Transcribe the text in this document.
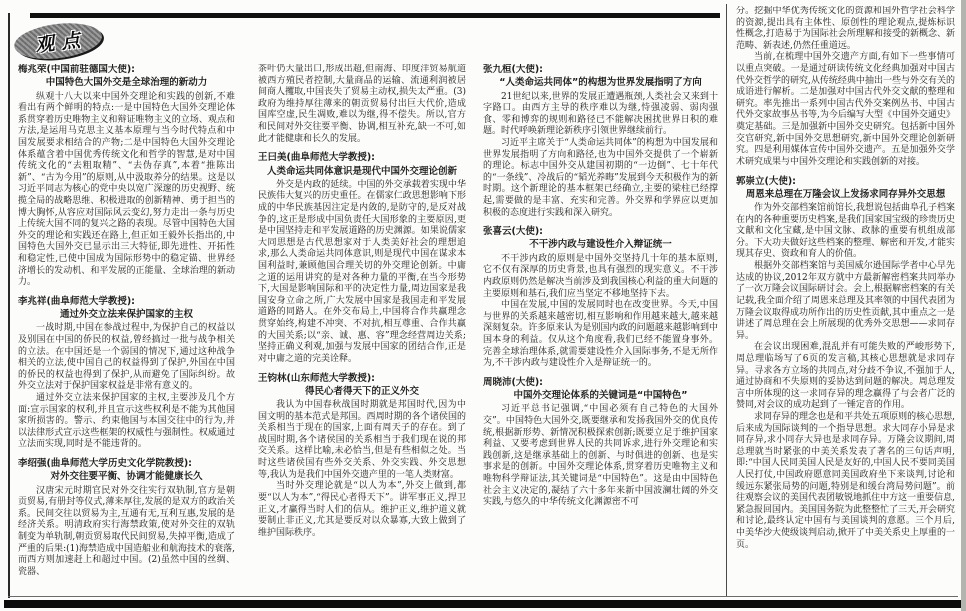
观点
梅兆荣(中国前驻德国大使):
中国特色大国外交是全球治理的新动力

纵观十八大以来中国外交理论和实践的创新,不难看出有两个鲜明的特点:一是中国特色大国外交理论体系贯穿着历史唯物主义和辩证唯物主义的立场、观点和方法,是运用马克思主义基本原理与当今时代特点和中国发展要求相结合的产物;二是中国特色大国外交理论体系蕴含着中国优秀传统文化和哲学的智慧,是对中国传统文化的“去粗取精”、“去伪存真”,本着“推陈出新”、“古为今用”的原则,从中汲取养分的结果。这是以习近平同志为核心的党中央以宽广深邃的历史视野、统揽全局的战略思维、积极进取的创新精神、勇于担当的博大胸怀,从容应对国际风云变幻,努力走出一条与历史上传统大国不同的复兴之路的表现。尽管中国特色大国外交的理论和实践还在路上,但正如王毅外长指出的,中国特色大国外交已显示出三大特征,即先进性、开拓性和稳定性,已使中国成为国际形势中的稳定锚、世界经济增长的发动机、和平发展的正能量、全球治理的新动力。

李兆祥(曲阜师范大学教授):
通过外交立法来保护国家的主权

一战时期,中国在参战过程中,为保护自己的权益以及别国在中国的侨民的权益,曾经搞过一批与战争相关的立法。在中国还是一个弱国的情况下,通过这种战争相关的立法,使中国自己的权益得到了保护,外国在中国的侨民的权益也得到了保护,从而避免了国际纠纷。故外交立法对于保护国家权益是非常有意义的。

通过外交立法来保护国家的主权,主要涉及几个方面:宣示国家的权利,并且宣示这些权利是不能为其他国家所损害的。警示、约束他国与本国交往中的行为,并以法律形式宣示这些框架的权威性与强制性。权威通过立法而实现,同时是不能违背的。

李绍强(曲阜师范大学历史文化学院教授):
对外交往要平衡、协调才能健康长久

汉唐宋元时期官民对外交往实行双轨制,官方是朝贡贸易,有册封等仪式,薄来厚往,发展的是双方的政治关系。民间交往以贸易为主,互通有无,互利互惠,发展的是经济关系。明清政府实行海禁政策,使对外交往的双轨制变为单轨制,朝贡贸易取代民间贸易,失掉平衡,造成了严重的后果:(1)海禁造成中国造船业和航海技术的衰落,而西方则加速赶上和超过中国。(2)虽然中国的丝绸、瓷器、

茶叶仍大量出口,形成出超,但南海、印度洋贸易航道被西方殖民者控制,大量商品的运输、流通利润被居间商人攫取,中国丧失了贸易主动权,损失太严重。(3)政府为维持厚往薄来的朝贡贸易付出巨大代价,造成国库空虚,民生凋败,难以为继,得不偿失。所以,官方和民间对外交往要平衡、协调,相互补充,缺一不可,如此才能健康和长久的发展。

王曰美(曲阜师范大学教授):
人类命运共同体意识是现代中国外交理论创新

外交是内政的延续。中国的外交承载着实现中华民族伟大复兴的历史重任。在儒家仁政思想影响下形成的中华民族基因注定是内敛的,是防守的,是反对战争的,这正是形成中国负责任大国形象的主要原因,更是中国坚持走和平发展道路的历史渊源。如果说儒家大同思想是古代思想家对于人类美好社会的理想追求,那么人类命运共同体意识,则是现代中国在谋求本国利益时,兼顾他国合理关切的外交理论创新。中庸之道的运用讲究的是对各种力量的平衡,在当今形势下,大国是影响国际和平的决定性力量,周边国家是我国安身立命之所,广大发展中国家是我国走和平发展道路的同路人。在外交布局上,中国将合作共赢理念贯穿始终,构建不冲突、不对抗,相互尊重、合作共赢的大国关系;以“亲、诚、惠、容”理念经营周边关系;坚持正确义利观,加强与发展中国家的团结合作,正是对中庸之道的完美诠释。

王钧林(山东师范大学教授):
得民心者得天下的正义外交

我认为中国春秋战国时期就是邦国时代,因为中国文明的基本范式是邦国。西周时期的各个诸侯国的关系相当于现在的国家,上面有周天子的存在。到了战国时期,各个诸侯国的关系相当于我们现在说的邦交关系。这样比喻,未必恰当,但是有些相似之处。当时这些诸侯国有些外交关系、外交实践、外交思想等,我认为是我们中国外交遗产里的一笔人类财富。

当时外交理论就是“以人为本”,外交上做到,都要“以人为本”,“得民心者得天下”。讲军事正义,捍卫正义,才赢得当时人们的信从。维护正义,维护道义就要制止非正义,尤其是要反对以众暴寡,大致上做到了维护国际秩序。

张九桓(大使):
“人类命运共同体”的构想为世界发展指明了方向

21世纪以来,世界的发展正遭遇瓶颈,人类社会又来到十字路口。由西方主导的秩序难以为继,恃强凌弱、弱肉强食、零和博弈的规则和路径已不能解决困扰世界日积的难题。时代呼唤新理论新秩序引领世界继续前行。

习近平主席关于“人类命运共同体”的构想为中国发展和世界发展指明了方向和路径,也为中国外交提供了一个崭新的理论。标志中国外交从建国初期的“一边倒”、七十年代的“一条线”、冷战后的“韬光养晦”发展到今天积极作为的新时期。这个新理论的基本框架已经确立,主要的梁柱已经撑起,需要做的是丰富、充实和完善。外交界和学界应以更加积极的态度进行实践和深入研究。

张喜云(大使):
不干涉内政与建设性介入辩证统一

不干涉内政的原则是中国外交坚持几十年的基本原则,它不仅有深厚的历史背景,也具有强烈的现实意义。不干涉内政原则仍然是解决当前涉及到我国核心利益的重大问题的主要原则和基石,我们应当坚定不移地坚持下去。

中国在发展,中国的发展同时也在改变世界。今天,中国与世界的关系越来越密切,相互影响和作用越来越大,越来越深刻复杂。许多原来认为是别国内政的问题越来越影响到中国本身的利益。仅从这个角度看,我们已经不能置身事外。完善全球治理体系,就需要建设性介入国际事务,不是无所作为,不干涉内政与建设性介入是辩证统一的。

周晓沛(大使):
中国外交理论体系的关键词是“中国特色”

习近平总书记强调,“中国必须有自己特色的大国外交”。中国特色大国外交,既要继承和发扬我国外交的优良传统,根据新形势、新情况积极探索创新;既要立足于维护国家利益、又要考虑到世界人民的共同诉求,进行外交理论和实践创新,这是继承基础上的创新、与时俱进的创新、也是实事求是的创新。中国外交理论体系,贯穿着历史唯物主义和唯物科学辩证法,其关键词是“中国特色”。这是由中国特色社会主义决定的,凝结了六十多年来新中国波澜壮阔的外交实践,与悠久的中华传统文化渊源密不可

分。挖掘中华优秀传统文化的资源和国外哲学社会科学的资源,提出具有主体性、原创性的理论观点,提炼标识性概念,打造易于为国际社会所理解和接受的新概念、新范畴、新表述,仍然任重道远。

当前,在梳理中国外交遗产方面,有如下一些事情可以重点突破。一是通过研读传统文化经典加强对中国古代外交哲学的研究,从传统经典中抽出一些与外交有关的成语进行解析。二是加强对中国古代外交文献的整理和研究。率先推出一系列中国古代外交案例丛书、中国古代外交家故事丛书等,为今后编写大型《中国外交通史》奠定基础。三是加强新中国外交史研究。包括新中国外交官研究,新中国外交思想研究,新中国外交理论创新研究。四是利用媒体宣传中国外交遗产。五是加强外交学术研究成果与中国外交理论和实践创新的对接。

郭崇立(大使):
周恩来总理在万隆会议上发扬求同存异外交思想

作为外交部档案馆前馆长,我想说包括曲阜孔子档案在内的各种重要历史档案,是我们国家国宝级的珍贵历史文献和文化宝藏,是中国文脉、政脉的重要有机组成部分。下大功夫做好这些档案的整理、解密和开发,才能实现其存史、资政和育人的价值。

根据外交部档案馆与美国威尔逊国际学者中心早先达成的协议,2012年双方就中方最新解密档案共同举办了一次万隆会议国际研讨会。会上,根据解密档案的有关记载,我全面介绍了周恩来总理及其率领的中国代表团为万隆会议取得成功所作出的历史性贡献,其中重点之一是讲述了周总理在会上所展现的优秀外交思想——求同存异。

在会议出现困难,混乱并有可能失败的严峻形势下,周总理临场写了6页的发言稿,其核心思想就是求同存异。寻求各方立场的共同点,对分歧不争议,不强加于人,通过协商和不失原则的妥协达到问题的解决。周总理发言中所体现的这一求同存异的理念赢得了与会者广泛的赞同,对会议的成功起到了一锤定音的作用。

求同存异的理念也是和平共处五项原则的核心思想,后来成为国际谈判的一个指导思想。求大同存小异是求同存异,求小同存大异也是求同存异。万隆会议期间,周总理就当时紧张的中美关系发表了著名的三句话声明,即:“中国人民同美国人民是友好的,中国人民不要同美国人民打仗,中国政府愿意同美国政府坐下来谈判,讨论和缓远东紧张局势的问题,特别是和缓台湾局势问题”。前往观察会议的美国代表团敏锐地抓住中方这一重要信息,紧急报回国内。美国国务院为此整整忙了三天,开会研究和讨论,最终认定中国有与美国谈判的意愿。三个月后,中美华沙大使级谈判启动,掀开了中美关系史上厚重的一页。
